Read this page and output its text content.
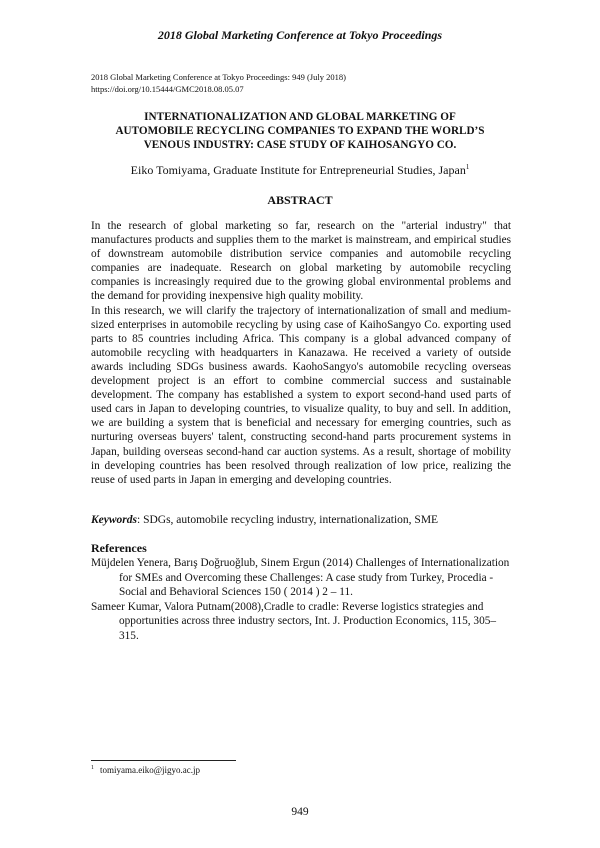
2018 Global Marketing Conference at Tokyo Proceedings
2018 Global Marketing Conference at Tokyo Proceedings: 949 (July 2018)
https://doi.org/10.15444/GMC2018.08.05.07
INTERNATIONALIZATION AND GLOBAL MARKETING OF
AUTOMOBILE RECYCLING COMPANIES TO EXPAND THE WORLD’S
VENOUS INDUSTRY: CASE STUDY OF KAIHOSANGYO CO.
Eiko Tomiyama, Graduate Institute for Entrepreneurial Studies, Japan$^1$
ABSTRACT

In the research of global marketing so far, research on the "arterial industry" that manufactures products and supplies them to the market is mainstream, and empirical studies of downstream automobile distribution service companies and automobile recycling companies are inadequate. Research on global marketing by automobile recycling companies is increasingly required due to the growing global environmental problems and the demand for providing inexpensive high quality mobility.

In this research, we will clarify the trajectory of internationalization of small and medium-sized enterprises in automobile recycling by using case of KaihoSangyo Co. exporting used parts to 85 countries including Africa. This company is a global advanced company of automobile recycling with headquarters in Kanazawa. He received a variety of outside awards including SDGs business awards. KaohoSangyo's automobile recycling overseas development project is an effort to combine commercial success and sustainable development. The company has established a system to export second-hand used parts of used cars in Japan to developing countries, to visualize quality, to buy and sell. In addition, we are building a system that is beneficial and necessary for emerging countries, such as nurturing overseas buyers' talent, constructing second-hand parts procurement systems in Japan, building overseas second-hand car auction systems. As a result, shortage of mobility in developing countries has been resolved through realization of low price, realizing the reuse of used parts in Japan in emerging and developing countries.

Keywords: SDGs, automobile recycling industry, internationalization, SME
References

Müjdelen Yenera, Barış Doğruoğlub, Sinem Ergun (2014) Challenges of Internationalization for SMEs and Overcoming these Challenges: A case study from Turkey, Procedia - Social and Behavioral Sciences 150 ( 2014 ) 2 – 11.

Sameer Kumar, Valora Putnam(2008),Cradle to cradle: Reverse logistics strategies and opportunities across three industry sectors, Int. J. Production Economics, 115, 305– 315.

$^1$ tomiyama.eiko@jigyo.ac.jp
949
